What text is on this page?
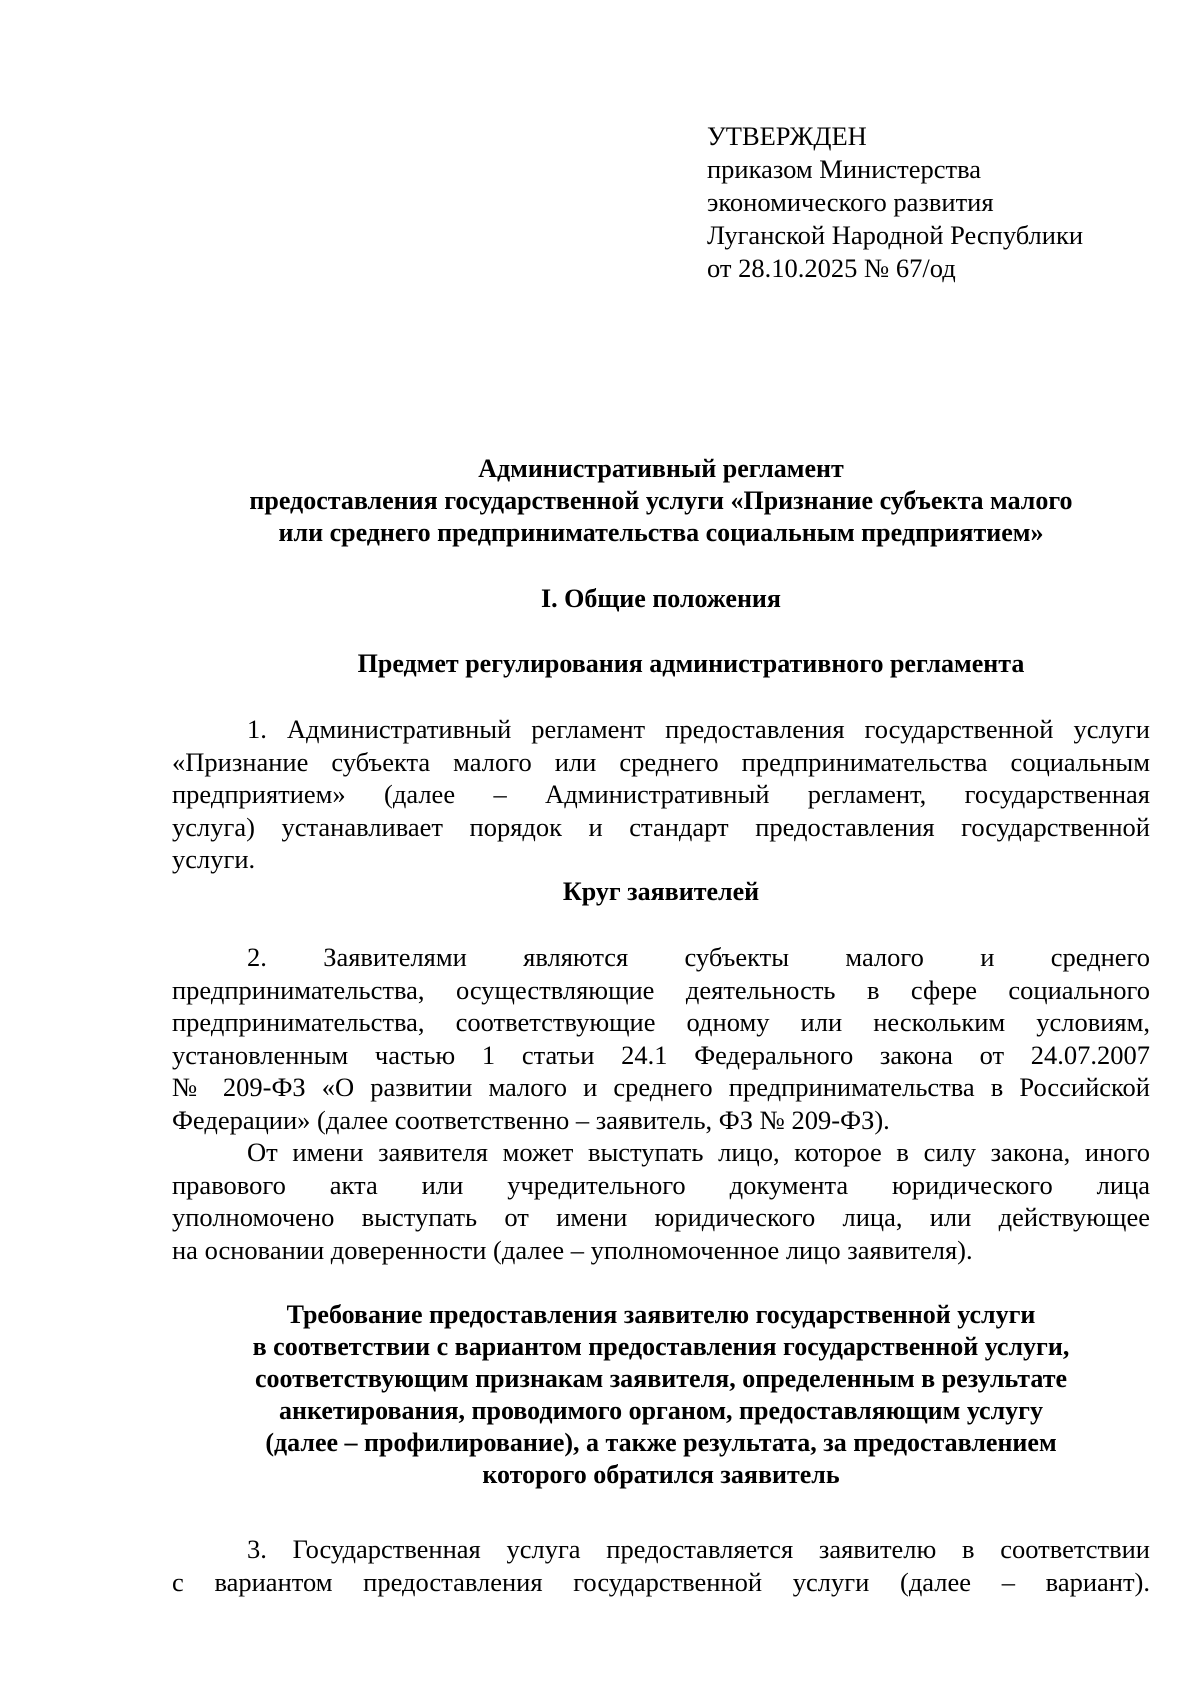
УТВЕРЖДЕН
приказом Министерства
экономического развития
Луганской Народной Республики
от 28.10.2025 № 67/од
Административный регламент
предоставления государственной услуги «Признание субъекта малого
или среднего предпринимательства социальным предприятием»
I. Общие положения
Предмет регулирования административного регламента
1. Административный регламент предоставления государственной услуги
«Признание субъекта малого или среднего предпринимательства социальным
предприятием» (далее – Административный регламент, государственная
услуга) устанавливает порядок и стандарт предоставления государственной
услуги.
Круг заявителей
2. Заявителями являются субъекты малого и среднего
предпринимательства, осуществляющие деятельность в сфере социального
предпринимательства, соответствующие одному или нескольким условиям,
установленным частью 1 статьи 24.1 Федерального закона от 24.07.2007
№ 209-ФЗ «О развитии малого и среднего предпринимательства в Российской
Федерации» (далее соответственно – заявитель, ФЗ № 209-ФЗ).
От имени заявителя может выступать лицо, которое в силу закона, иного
правового акта или учредительного документа юридического лица
уполномочено выступать от имени юридического лица, или действующее
на основании доверенности (далее – уполномоченное лицо заявителя).
Требование предоставления заявителю государственной услуги
в соответствии с вариантом предоставления государственной услуги,
соответствующим признакам заявителя, определенным в результате
анкетирования, проводимого органом, предоставляющим услугу
(далее – профилирование), а также результата, за предоставлением
которого обратился заявитель
3. Государственная услуга предоставляется заявителю в соответствии
с вариантом предоставления государственной услуги (далее – вариант).
